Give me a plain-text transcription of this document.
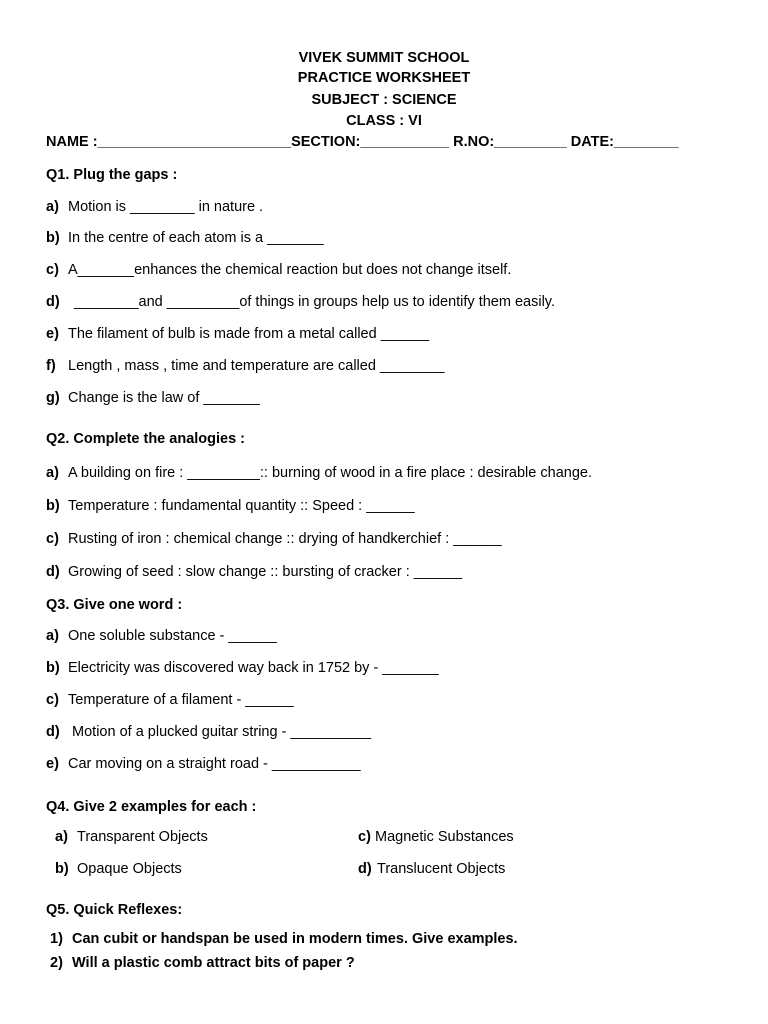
VIVEK SUMMIT SCHOOL
PRACTICE WORKSHEET
SUBJECT : SCIENCE
CLASS : VI
NAME :________________________SECTION:___________ R.NO:_________ DATE:________
Q1. Plug the gaps :
a) Motion is ________ in nature .
b) In the centre of each atom is a _______
c) A_______enhances the chemical reaction but does not change itself.
d) ________and _________of things in groups help us to identify them easily.
e) The filament of bulb is made from a metal called ______
f) Length , mass , time and temperature are called ________
g) Change is the law of _______
Q2. Complete the analogies :
a) A building on fire : _________:: burning of wood in a fire place : desirable change.
b) Temperature : fundamental quantity :: Speed : ______
c) Rusting of iron : chemical change :: drying of handkerchief : ______
d) Growing of seed : slow change :: bursting of cracker : ______
Q3. Give one word :
a) One soluble substance - ______
b) Electricity was discovered way back in 1752 by - _______
c) Temperature of a filament - ______
d) Motion of a plucked guitar string - __________
e) Car moving on a straight road - ___________
Q4. Give 2 examples for each :
a) Transparent Objects	c) Magnetic Substances
b) Opaque Objects	d) Translucent Objects
Q5. Quick Reflexes:
1) Can cubit or handspan be used in modern times. Give examples.
2) Will a plastic comb attract bits of paper ?
